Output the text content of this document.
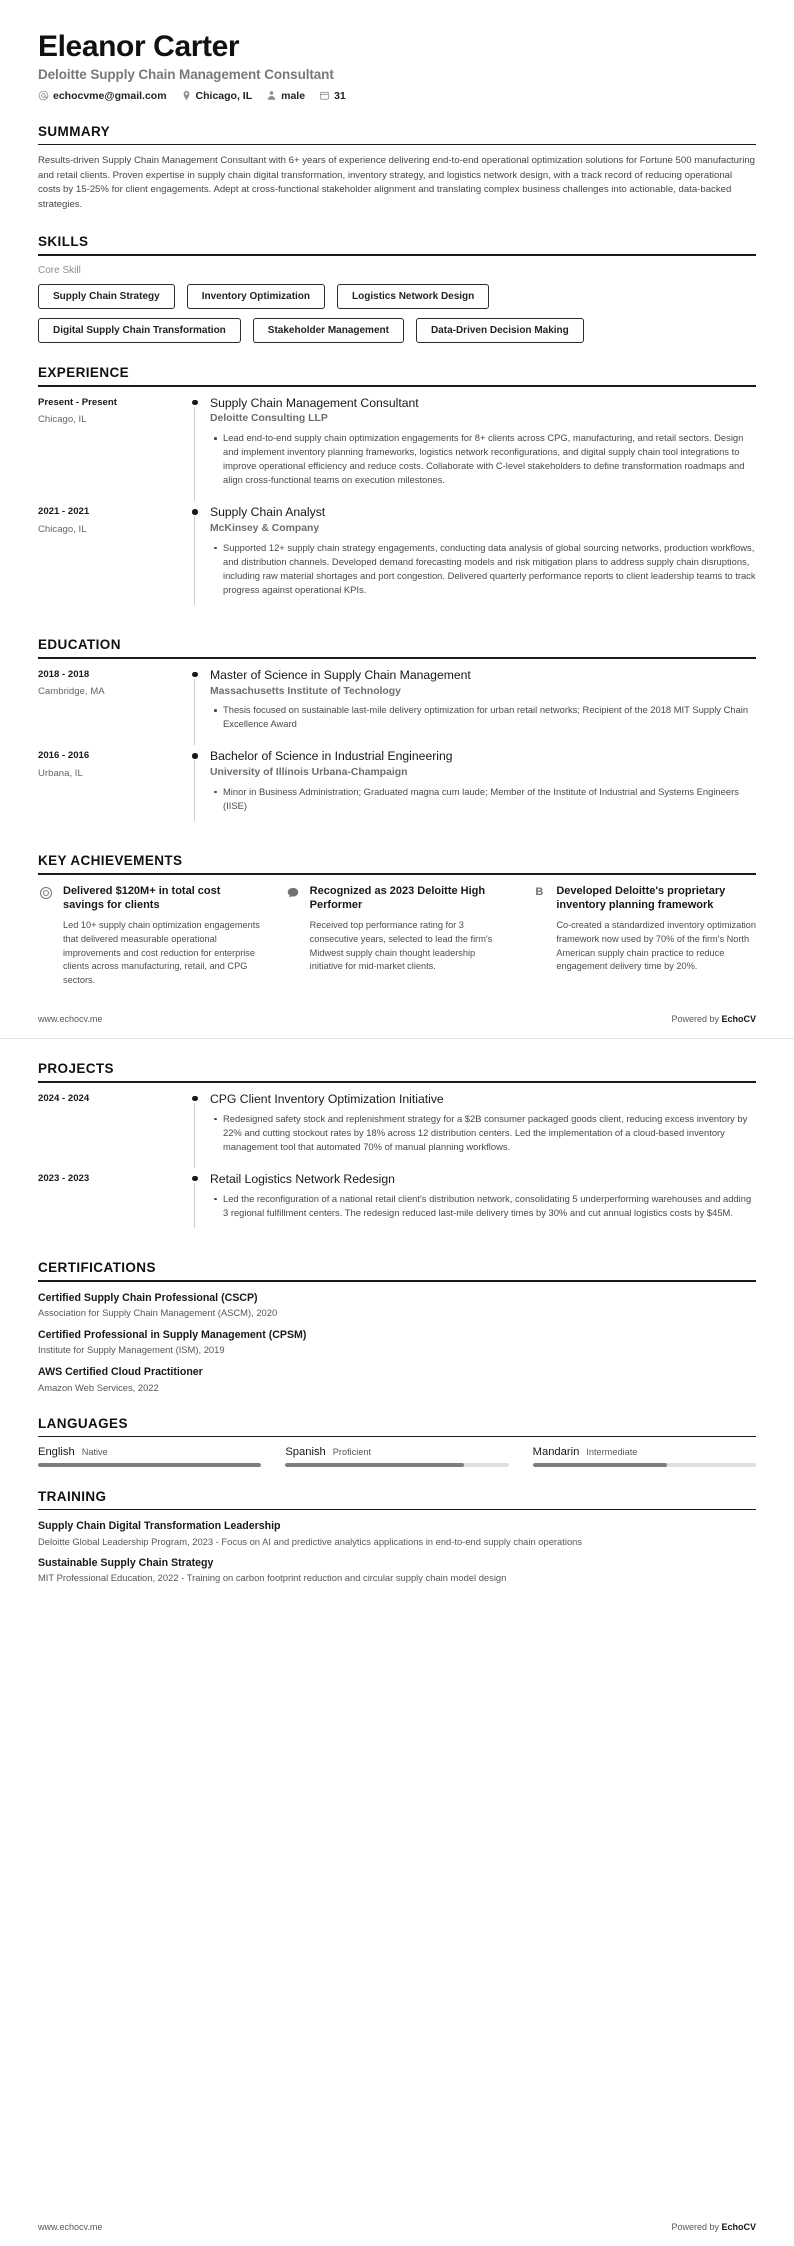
Eleanor Carter
Deloitte Supply Chain Management Consultant
echocvme@gmail.com	Chicago, IL	male	31
SUMMARY

Results-driven Supply Chain Management Consultant with 6+ years of experience delivering end-to-end operational optimization solutions for Fortune 500 manufacturing and retail clients. Proven expertise in supply chain digital transformation, inventory strategy, and logistics network design, with a track record of reducing operational costs by 15-25% for client engagements. Adept at cross-functional stakeholder alignment and translating complex business challenges into actionable, data-backed strategies.

SKILLS
Core Skill
Supply Chain Strategy	Inventory Optimization	Logistics Network Design
Digital Supply Chain Transformation	Stakeholder Management	Data-Driven Decision Making
EXPERIENCE
Present - Present
Chicago, IL
Supply Chain Management Consultant
Deloitte Consulting LLP
Lead end-to-end supply chain optimization engagements for 8+ clients across CPG, manufacturing, and retail sectors. Design and implement inventory planning frameworks, logistics network reconfigurations, and digital supply chain tool integrations to improve operational efficiency and reduce costs. Collaborate with C-level stakeholders to define transformation roadmaps and align cross-functional teams on execution milestones.
2021 - 2021
Chicago, IL
Supply Chain Analyst
McKinsey & Company
Supported 12+ supply chain strategy engagements, conducting data analysis of global sourcing networks, production workflows, and distribution channels. Developed demand forecasting models and risk mitigation plans to address supply chain disruptions, including raw material shortages and port congestion. Delivered quarterly performance reports to client leadership teams to track progress against operational KPIs.
EDUCATION
2018 - 2018
Cambridge, MA
Master of Science in Supply Chain Management
Massachusetts Institute of Technology
Thesis focused on sustainable last-mile delivery optimization for urban retail networks; Recipient of the 2018 MIT Supply Chain Excellence Award
2016 - 2016
Urbana, IL
Bachelor of Science in Industrial Engineering
University of Illinois Urbana-Champaign
Minor in Business Administration; Graduated magna cum laude; Member of the Institute of Industrial and Systems Engineers (IISE)
KEY ACHIEVEMENTS
Delivered $120M+ in total cost savings for clients
Led 10+ supply chain optimization engagements that delivered measurable operational improvements and cost reduction for enterprise clients across manufacturing, retail, and CPG sectors.
Recognized as 2023 Deloitte High Performer
Received top performance rating for 3 consecutive years, selected to lead the firm's Midwest supply chain thought leadership initiative for mid-market clients.
B	Developed Deloitte's proprietary inventory planning framework
Co-created a standardized inventory optimization framework now used by 70% of the firm's North American supply chain practice to reduce engagement delivery time by 20%.
www.echocv.me	Powered by EchoCV
PROJECTS
2024 - 2024	CPG Client Inventory Optimization Initiative
Redesigned safety stock and replenishment strategy for a $2B consumer packaged goods client, reducing excess inventory by 22% and cutting stockout rates by 18% across 12 distribution centers. Led the implementation of a cloud-based inventory management tool that automated 70% of manual planning workflows.
2023 - 2023	Retail Logistics Network Redesign
Led the reconfiguration of a national retail client's distribution network, consolidating 5 underperforming warehouses and adding 3 regional fulfillment centers. The redesign reduced last-mile delivery times by 30% and cut annual logistics costs by $45M.
CERTIFICATIONS
Certified Supply Chain Professional (CSCP)
Association for Supply Chain Management (ASCM), 2020
Certified Professional in Supply Management (CPSM)
Institute for Supply Management (ISM), 2019
AWS Certified Cloud Practitioner
Amazon Web Services, 2022
LANGUAGES
English Native	Spanish Proficient	Mandarin Intermediate
TRAINING
Supply Chain Digital Transformation Leadership
Deloitte Global Leadership Program, 2023 - Focus on AI and predictive analytics applications in end-to-end supply chain operations
Sustainable Supply Chain Strategy
MIT Professional Education, 2022 - Training on carbon footprint reduction and circular supply chain model design
www.echocv.me	Powered by EchoCV
